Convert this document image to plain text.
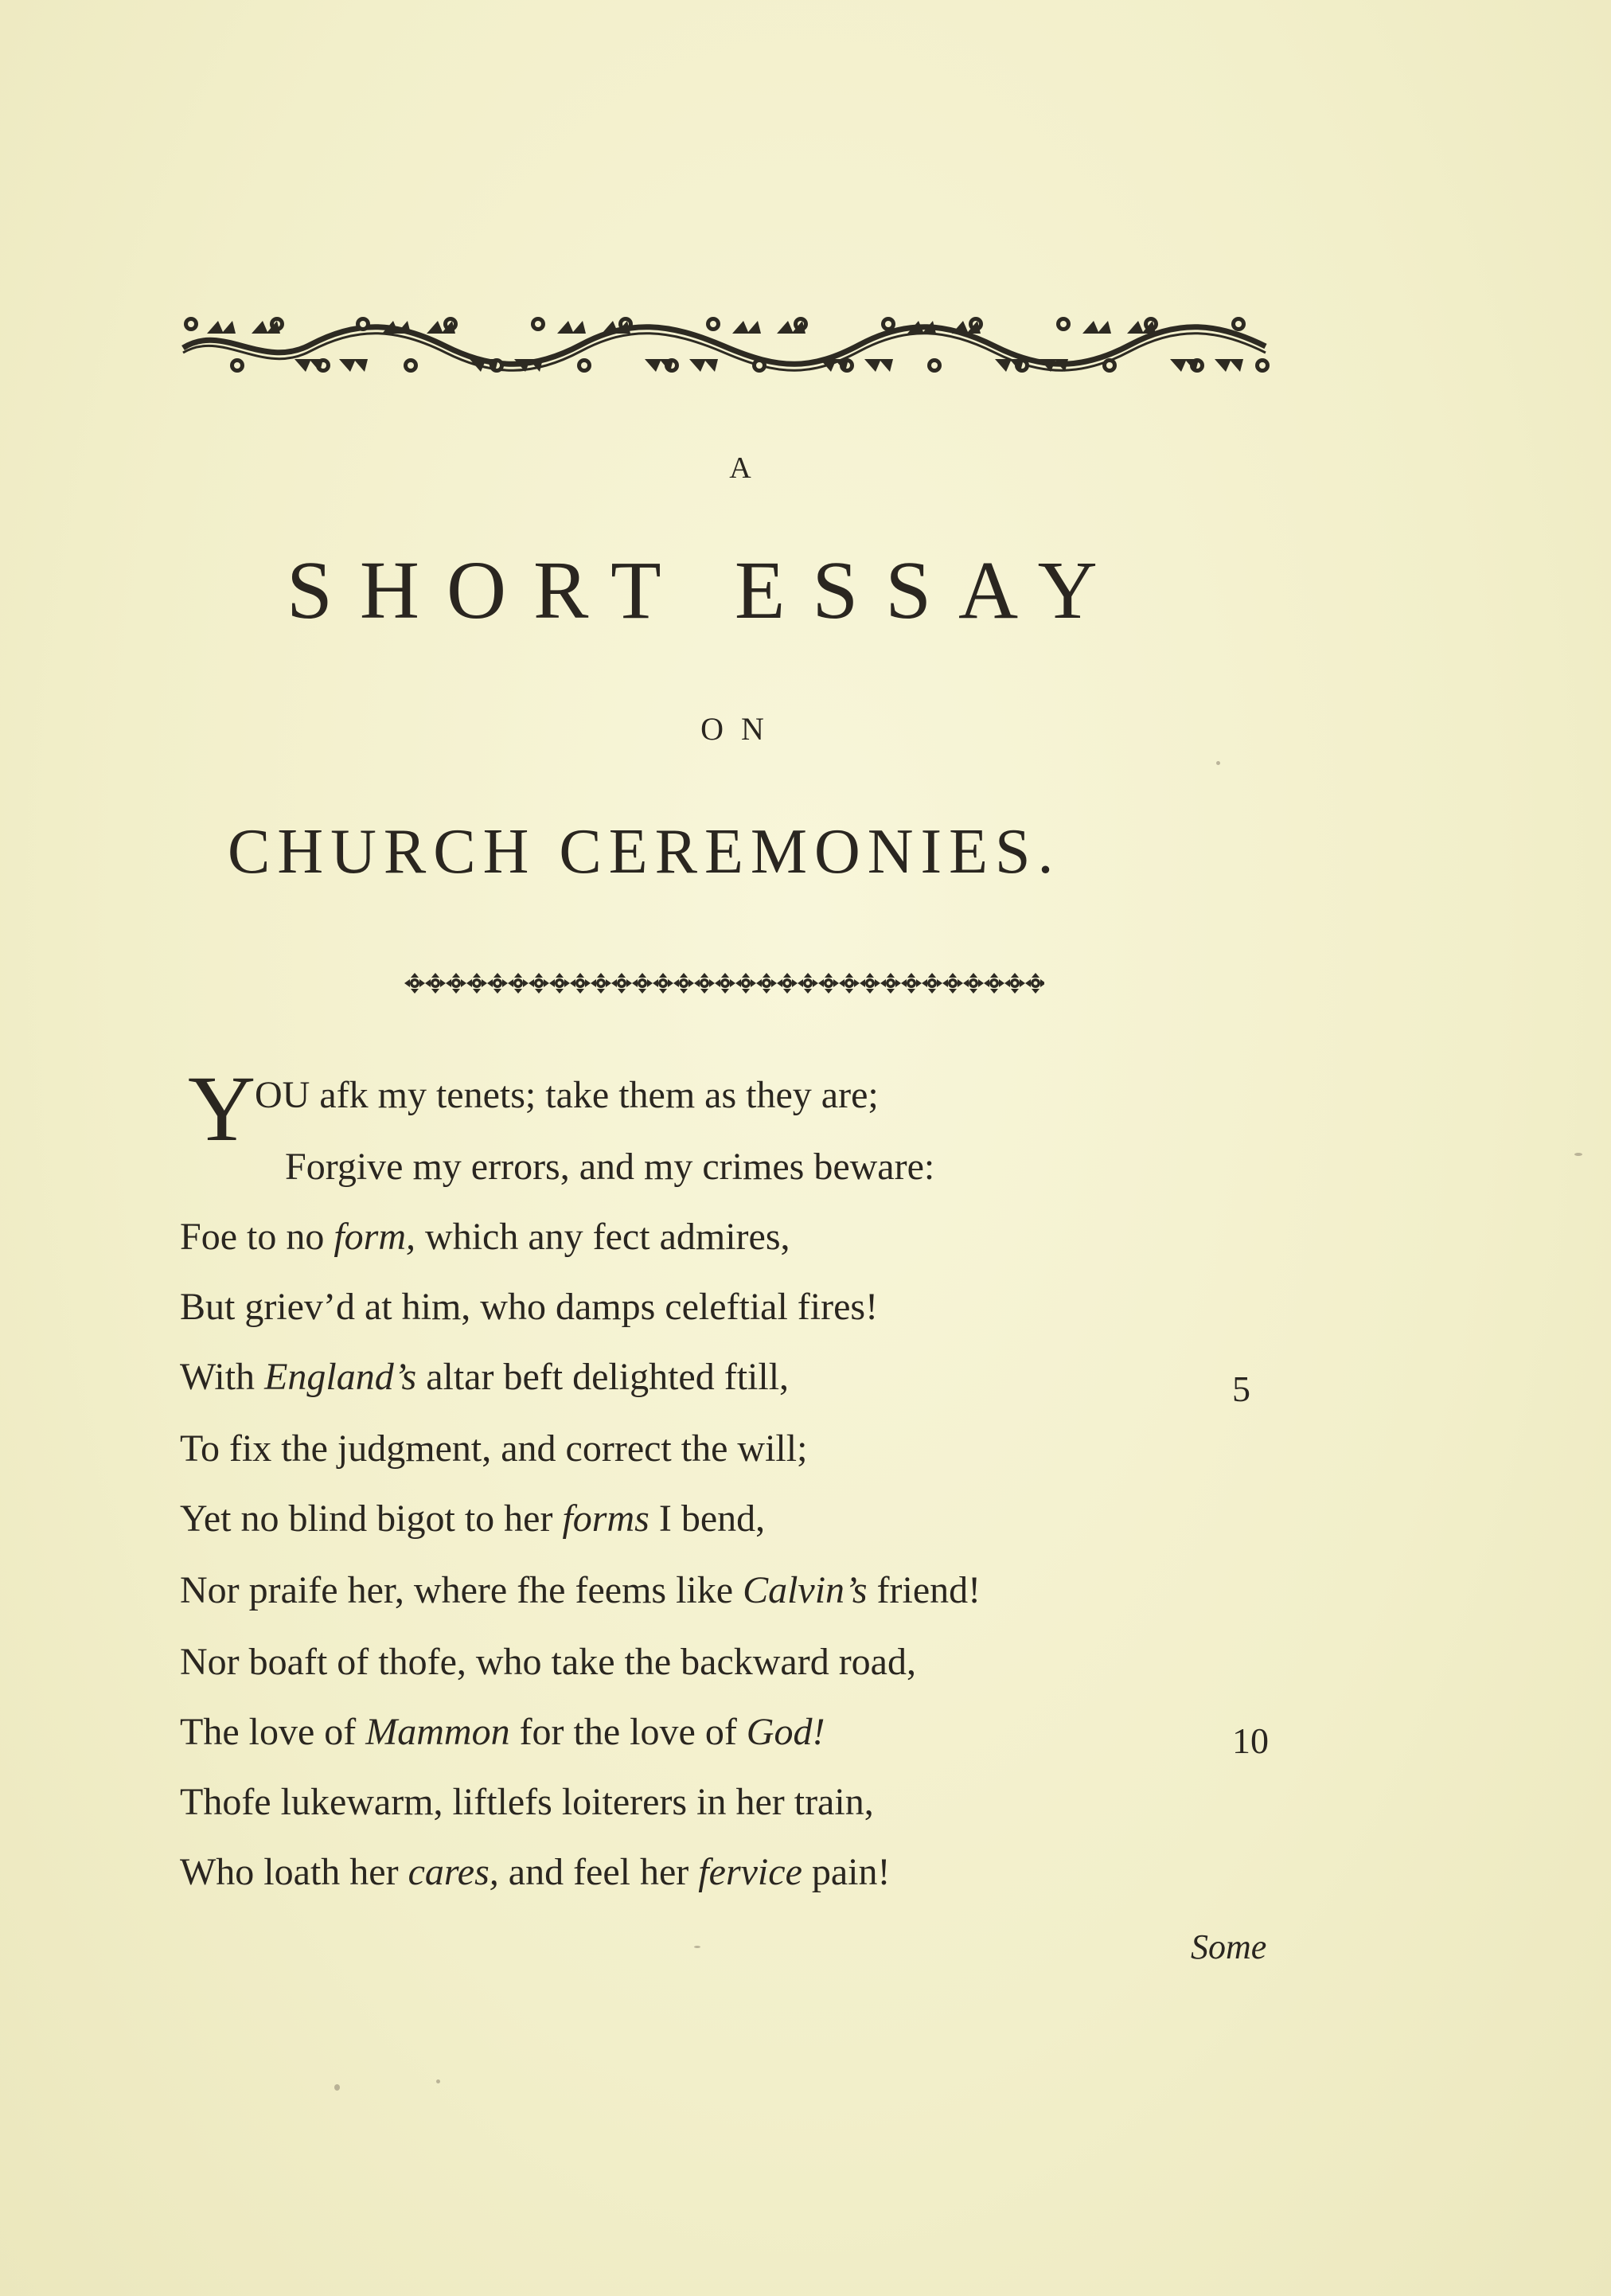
A
SHORT ESSAY
ON
CHURCH CEREMONIES.
Y
OU afk my tenets; take them as they are;
Forgive my errors, and my crimes beware:
Foe to no form, which any fect admires,
But griev’d at him, who damps celeftial fires!
With England’s altar beft delighted ftill,	5
To fix the judgment, and correct the will;
Yet no blind bigot to her forms I bend,
Nor praife her, where fhe feems like Calvin’s friend!
Nor boaft of thofe, who take the backward road,
The love of Mammon for the love of God!	10
Thofe lukewarm, liftlefs loiterers in her train,
Who loath her cares, and feel her fervice pain!
Some
